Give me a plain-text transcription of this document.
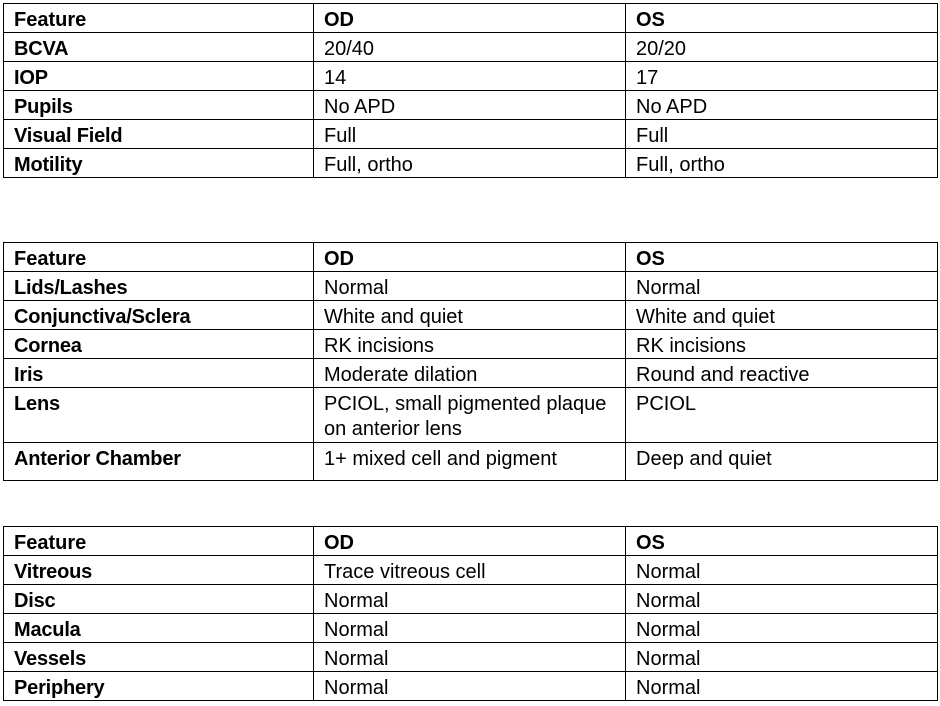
Feature	OD	OS
BCVA	20/40	20/20
IOP	14	17
Pupils	No APD	No APD
Visual Field	Full	Full
Motility	Full, ortho	Full, ortho
Feature	OD	OS
Lids/Lashes	Normal	Normal
Conjunctiva/Sclera	White and quiet	White and quiet
Cornea	RK incisions	RK incisions
Iris	Moderate dilation	Round and reactive
Lens	PCIOL, small pigmented plaque on anterior lens	PCIOL
Anterior Chamber	1+ mixed cell and pigment	Deep and quiet
Feature	OD	OS
Vitreous	Trace vitreous cell	Normal
Disc	Normal	Normal
Macula	Normal	Normal
Vessels	Normal	Normal
Periphery	Normal	Normal
